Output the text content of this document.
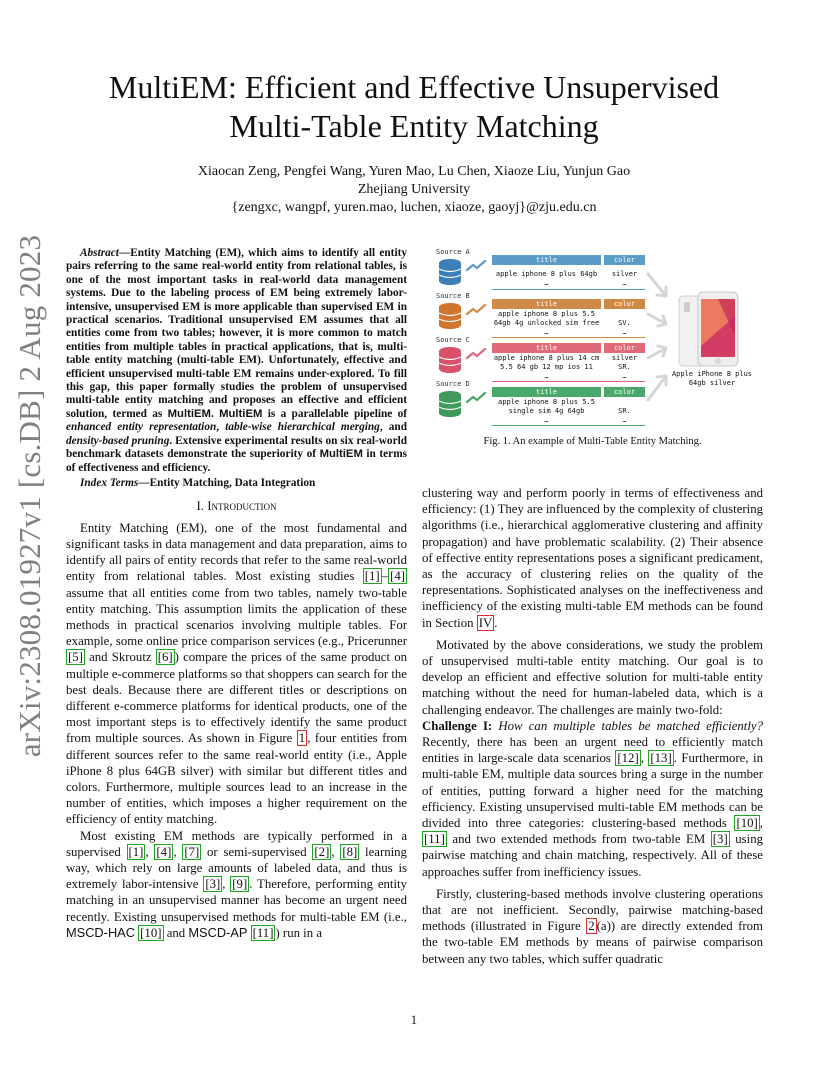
arXiv:2308.01927v1 [cs.DB] 2 Aug 2023
MultiEM: Efficient and Effective Unsupervised
Multi-Table Entity Matching
Xiaocan Zeng, Pengfei Wang, Yuren Mao, Lu Chen, Xiaoze Liu, Yunjun Gao
Zhejiang University
{zengxc, wangpf, yuren.mao, luchen, xiaoze, gaoyj}@zju.edu.cn

Abstract—Entity Matching (EM), which aims to identify all entity pairs referring to the same real-world entity from relational tables, is one of the most important tasks in real-world data management systems. Due to the labeling process of EM being extremely labor-intensive, unsupervised EM is more applicable than supervised EM in practical scenarios. Traditional unsupervised EM assumes that all entities come from two tables; however, it is more common to match entities from multiple tables in practical applications, that is, multi-table entity matching (multi-table EM). Unfortunately, effective and efficient unsupervised multi-table EM remains under-explored. To fill this gap, this paper formally studies the problem of unsupervised multi-table entity matching and proposes an effective and efficient solution, termed as MultiEM. MultiEM is a parallelable pipeline of enhanced entity representation, table-wise hierarchical merging, and density-based pruning. Extensive experimental results on six real-world benchmark datasets demonstrate the superiority of MultiEM in terms of effectiveness and efficiency.

Index Terms—Entity Matching, Data Integration

I. Introduction

Entity Matching (EM), one of the most fundamental and significant tasks in data management and data preparation, aims to identify all pairs of entity records that refer to the same real-world entity from relational tables. Most existing studies [1] – [4] assume that all entities come from two tables, namely two-table entity matching. This assumption limits the application of these methods in practical scenarios involving multiple tables. For example, some online price comparison services (e.g., Pricerunner [5] and Skroutz [6] ) compare the prices of the same product on multiple e-commerce platforms so that shoppers can search for the best deals. Because there are different titles or descriptions on different e-commerce platforms for identical products, one of the most important steps is to effectively identify the same product from multiple sources. As shown in Figure 1 , four entities from different sources refer to the same real-world entity (i.e., Apple iPhone 8 plus 64GB silver) with similar but different titles and colors. Furthermore, multiple sources lead to an increase in the number of entities, which imposes a higher requirement on the efficiency of entity matching.

Most existing EM methods are typically performed in a supervised [1] , [4] , [7] or semi-supervised [2] , [8] learning way, which rely on large amounts of labeled data, and thus is extremely labor-intensive [3] , [9] . Therefore, performing entity matching in an unsupervised manner has become an urgent need recently. Existing unsupervised methods for multi-table EM (i.e., MSCD-HAC [10] and MSCD-AP [11] ) run in a

Source A
Source B
Source C
Source D
title	color
apple iphone 8 plus 64gb	silver
…	…
title	color
apple iphone 8 plus 5.5
64gb 4g unlocked sim free	SV.
…	…
title	color
apple iphone 8 plus 14 cm	silver
5.5 64 gb 12 mp ios 11	SR.
…	…
title	color
apple iphone 8 plus 5.5
single sim 4g 64gb	SR.
…	…
Apple iPhone 8 plus
64gb silver
Fig. 1. An example of Multi-Table Entity Matching.

clustering way and perform poorly in terms of effectiveness and efficiency: (1) They are influenced by the complexity of clustering algorithms (i.e., hierarchical agglomerative clustering and affinity propagation) and have problematic scalability. (2) Their absence of effective entity representations poses a significant predicament, as the accuracy of clustering relies on the quality of the representations. Sophisticated analyses on the ineffectiveness and inefficiency of the existing multi-table EM methods can be found in Section IV .

Motivated by the above considerations, we study the problem of unsupervised multi-table entity matching. Our goal is to develop an efficient and effective solution for multi-table entity matching without the need for human-labeled data, which is a challenging endeavor. The challenges are mainly two-fold:

Challenge I: How can multiple tables be matched efficiently? Recently, there has been an urgent need to efficiently match entities in large-scale data scenarios [12] , [13] . Furthermore, in multi-table EM, multiple data sources bring a surge in the number of entities, putting forward a higher need for the matching efficiency. Existing unsupervised multi-table EM methods can be divided into three categories: clustering-based methods [10] , [11] and two extended methods from two-table EM [3] using pairwise matching and chain matching, respectively. All of these approaches suffer from inefficiency issues.

Firstly, clustering-based methods involve clustering operations that are not inefficient. Secondly, pairwise matching-based methods (illustrated in Figure 2 (a)) are directly extended from the two-table EM methods by means of pairwise comparison between any two tables, which suffer quadratic

1
